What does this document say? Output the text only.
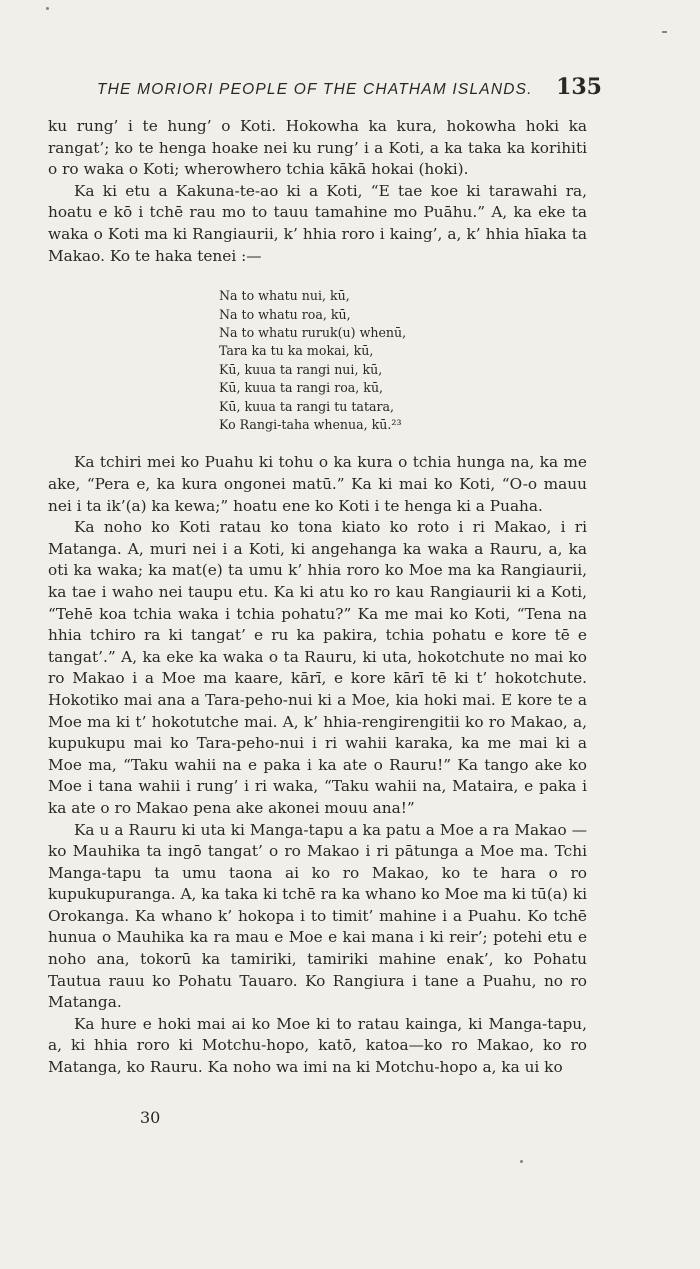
THE MORIORI PEOPLE OF THE CHATHAM ISLANDS. 135

ku rung’ i te hung’ o Koti. Hokowha ka kura, hokowha hoki ka rangat’; ko te henga hoake nei ku rung’ i a Koti, a ka taka ka korihiti o ro waka o Koti; wherowhero tchia kākā hokai (hoki).

Ka ki etu a Kakuna-te-ao ki a Koti, “E tae koe ki tarawahi ra, hoatu e kō i tchē rau mo to tauu tamahine mo Puāhu.” A, ka eke ta waka o Koti ma ki Rangiaurii, k’ hhia roro i kaing’, a, k’ hhia hīaka ta Makao. Ko te haka tenei :—

Na to whatu nui, kū,
Na to whatu roa, kū,
Na to whatu ruruk(u) whenū,
Tara ka tu ka mokai, kū,
Kū, kuua ta rangi nui, kū,
Kū, kuua ta rangi roa, kū,
Kū, kuua ta rangi tu tatara,
Ko Rangi-taha whenua, kū.²³

Ka tchiri mei ko Puahu ki tohu o ka kura o tchia hunga na, ka me ake, “Pera e, ka kura ongonei matū.” Ka ki mai ko Koti, “O-o mauu nei i ta ik’(a) ka kewa;” hoatu ene ko Koti i te henga ki a Puaha.

Ka noho ko Koti ratau ko tona kiato ko roto i ri Makao, i ri Matanga. A, muri nei i a Koti, ki angehanga ka waka a Rauru, a, ka oti ka waka; ka mat(e) ta umu k’ hhia roro ko Moe ma ka Rangiaurii, ka tae i waho nei taupu etu. Ka ki atu ko ro kau Rangiaurii ki a Koti, “Tehē koa tchia waka i tchia pohatu?” Ka me mai ko Koti, “Tena na hhia tchiro ra ki tangat’ e ru ka pakira, tchia pohatu e kore tē e tangat’.” A, ka eke ka waka o ta Rauru, ki uta, hokotchute no mai ko ro Makao i a Moe ma kaare, kārī, e kore kārī tē ki t’ hokotchute. Hokotiko mai ana a Tara-peho-nui ki a Moe, kia hoki mai. E kore te a Moe ma ki t’ hokotutche mai. A, k’ hhia-rengirengitii ko ro Makao, a, kupukupu mai ko Tara-peho-nui i ri wahii karaka, ka me mai ki a Moe ma, “Taku wahii na e paka i ka ate o Rauru!” Ka tango ake ko Moe i tana wahii i rung’ i ri waka, “Taku wahii na, Mataira, e paka i ka ate o ro Makao pena ake akonei mouu ana!”

Ka u a Rauru ki uta ki Manga-tapu a ka patu a Moe a ra Makao —ko Mauhika ta ingō tangat’ o ro Makao i ri pātunga a Moe ma. Tchi Manga-tapu ta umu taona ai ko ro Makao, ko te hara o ro kupukupuranga. A, ka taka ki tchē ra ka whano ko Moe ma ki tū(a) ki Orokanga. Ka whano k’ hokopa i to timit’ mahine i a Puahu. Ko tchē hunua o Mauhika ka ra mau e Moe e kai mana i ki reir’; potehi etu e noho ana, tokorū ka tamiriki, tamiriki mahine enak’, ko Pohatu Tautua rauu ko Pohatu Tauaro. Ko Rangiura i tane a Puahu, no ro Matanga.

Ka hure e hoki mai ai ko Moe ki to ratau kainga, ki Manga-tapu, a, ki hhia roro ki Motchu-hopo, katō, katoa—ko ro Makao, ko ro Matanga, ko Rauru. Ka noho wa imi na ki Motchu-hopo a, ka ui ko

30
